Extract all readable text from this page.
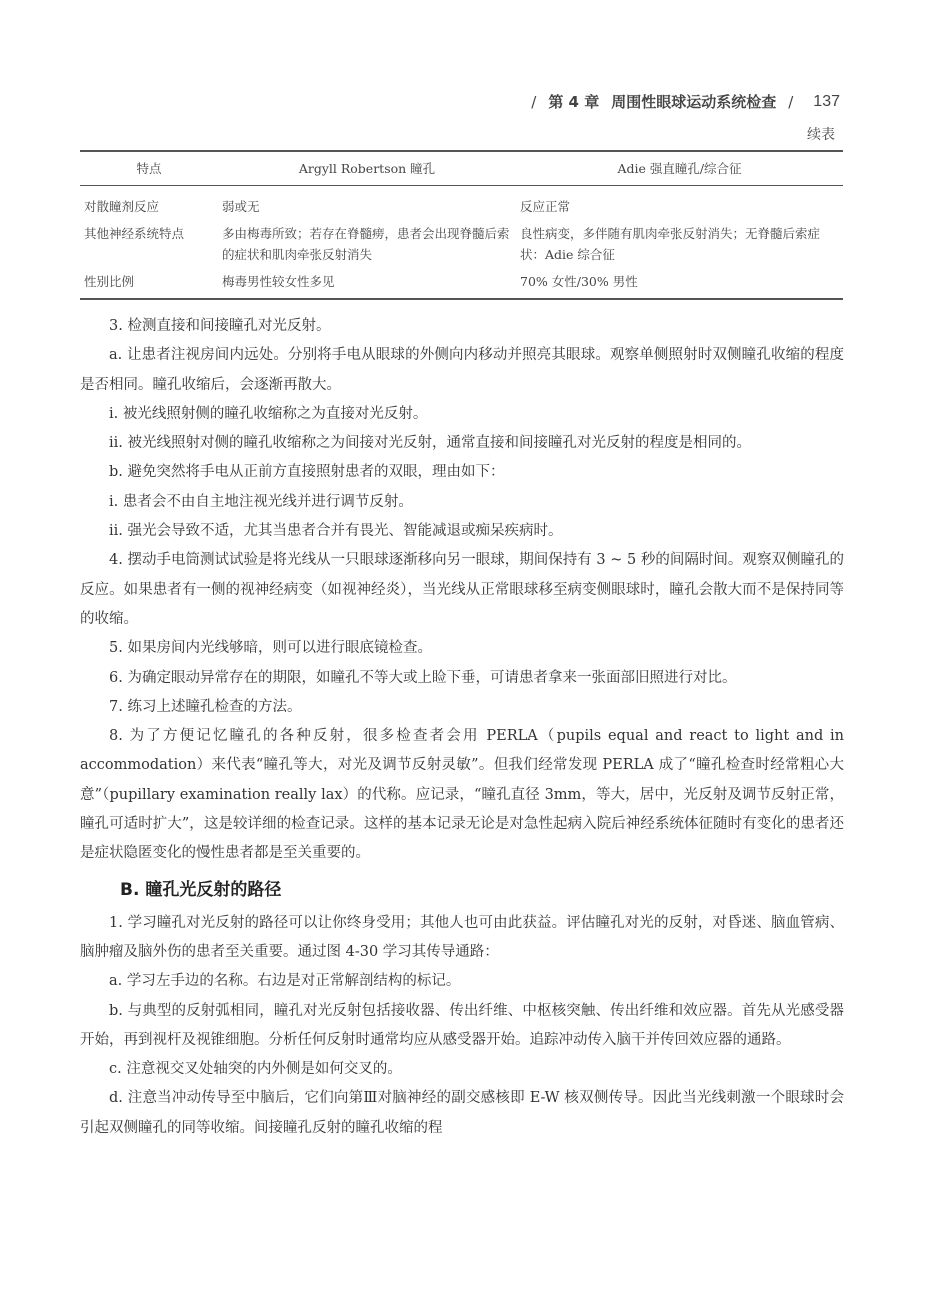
/ 第 4 章 周围性眼球运动系统检查 / 137
续表
特点	Argyll Robertson 瞳孔	Adie 强直瞳孔/综合征
对散瞳剂反应	弱或无	反应正常
其他神经系统特点	多由梅毒所致；若存在脊髓痨，患者会出现脊髓后索的症状和肌肉牵张反射消失	良性病变，多伴随有肌肉牵张反射消失；无脊髓后索症状：Adie 综合征
性别比例	梅毒男性较女性多见	70% 女性/30% 男性

3. 检测直接和间接瞳孔对光反射。

a. 让患者注视房间内远处。分别将手电从眼球的外侧向内移动并照亮其眼球。观察单侧照射时双侧瞳孔收缩的程度是否相同。瞳孔收缩后，会逐渐再散大。

ⅰ. 被光线照射侧的瞳孔收缩称之为直接对光反射。

ⅱ. 被光线照射对侧的瞳孔收缩称之为间接对光反射，通常直接和间接瞳孔对光反射的程度是相同的。

b. 避免突然将手电从正前方直接照射患者的双眼，理由如下：

ⅰ. 患者会不由自主地注视光线并进行调节反射。

ⅱ. 强光会导致不适，尤其当患者合并有畏光、智能减退或痴呆疾病时。

4. 摆动手电筒测试试验是将光线从一只眼球逐渐移向另一眼球，期间保持有 3 ~ 5 秒的间隔时间。观察双侧瞳孔的反应。如果患者有一侧的视神经病变（如视神经炎），当光线从正常眼球移至病变侧眼球时，瞳孔会散大而不是保持同等的收缩。

5. 如果房间内光线够暗，则可以进行眼底镜检查。

6. 为确定眼动异常存在的期限，如瞳孔不等大或上睑下垂，可请患者拿来一张面部旧照进行对比。

7. 练习上述瞳孔检查的方法。

8. 为了方便记忆瞳孔的各种反射，很多检查者会用 PERLA（pupils equal and react to light and in accommodation）来代表“瞳孔等大，对光及调节反射灵敏”。但我们经常发现 PERLA 成了“瞳孔检查时经常粗心大意”（pupillary examination really lax）的代称。应记录，“瞳孔直径 3mm，等大，居中，光反射及调节反射正常，瞳孔可适时扩大”，这是较详细的检查记录。这样的基本记录无论是对急性起病入院后神经系统体征随时有变化的患者还是症状隐匿变化的慢性患者都是至关重要的。

B. 瞳孔光反射的路径

1. 学习瞳孔对光反射的路径可以让你终身受用；其他人也可由此获益。评估瞳孔对光的反射，对昏迷、脑血管病、脑肿瘤及脑外伤的患者至关重要。通过图 4-30 学习其传导通路：

a. 学习左手边的名称。右边是对正常解剖结构的标记。

b. 与典型的反射弧相同，瞳孔对光反射包括接收器、传出纤维、中枢核突触、传出纤维和效应器。首先从光感受器开始，再到视杆及视锥细胞。分析任何反射时通常均应从感受器开始。追踪冲动传入脑干并传回效应器的通路。

c. 注意视交叉处轴突的内外侧是如何交叉的。

d. 注意当冲动传导至中脑后，它们向第Ⅲ对脑神经的副交感核即 E-W 核双侧传导。因此当光线刺激一个眼球时会引起双侧瞳孔的同等收缩。间接瞳孔反射的瞳孔收缩的程
